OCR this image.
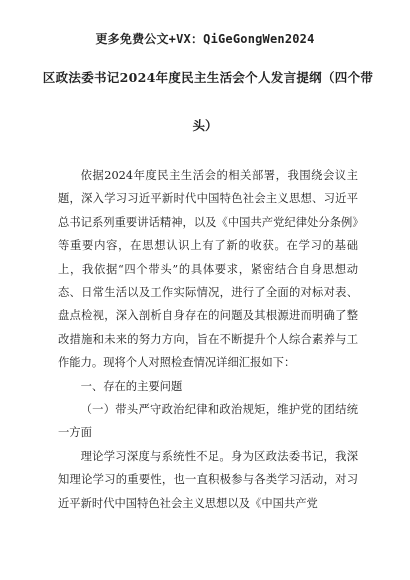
更多免费公文+VX：QiGeGongWen2024
区政法委书记2024年度民主生活会个人发言提纲（四个带
头）

依据2024年度民主生活会的相关部署，我围绕会议主题，深入学习习近平新时代中国特色社会主义思想、习近平总书记系列重要讲话精神，以及《中国共产党纪律处分条例》等重要内容，在思想认识上有了新的收获。在学习的基础上，我依据“四个带头”的具体要求，紧密结合自身思想动态、日常生活以及工作实际情况，进行了全面的对标对表、盘点检视，深入剖析自身存在的问题及其根源进而明确了整改措施和未来的努力方向，旨在不断提升个人综合素养与工作能力。现将个人对照检查情况详细汇报如下：

一、存在的主要问题

（一）带头严守政治纪律和政治规矩，维护党的团结统一方面

理论学习深度与系统性不足。身为区政法委书记，我深知理论学习的重要性，也一直积极参与各类学习活动，对习近平新时代中国特色社会主义思想以及《中国共产党
